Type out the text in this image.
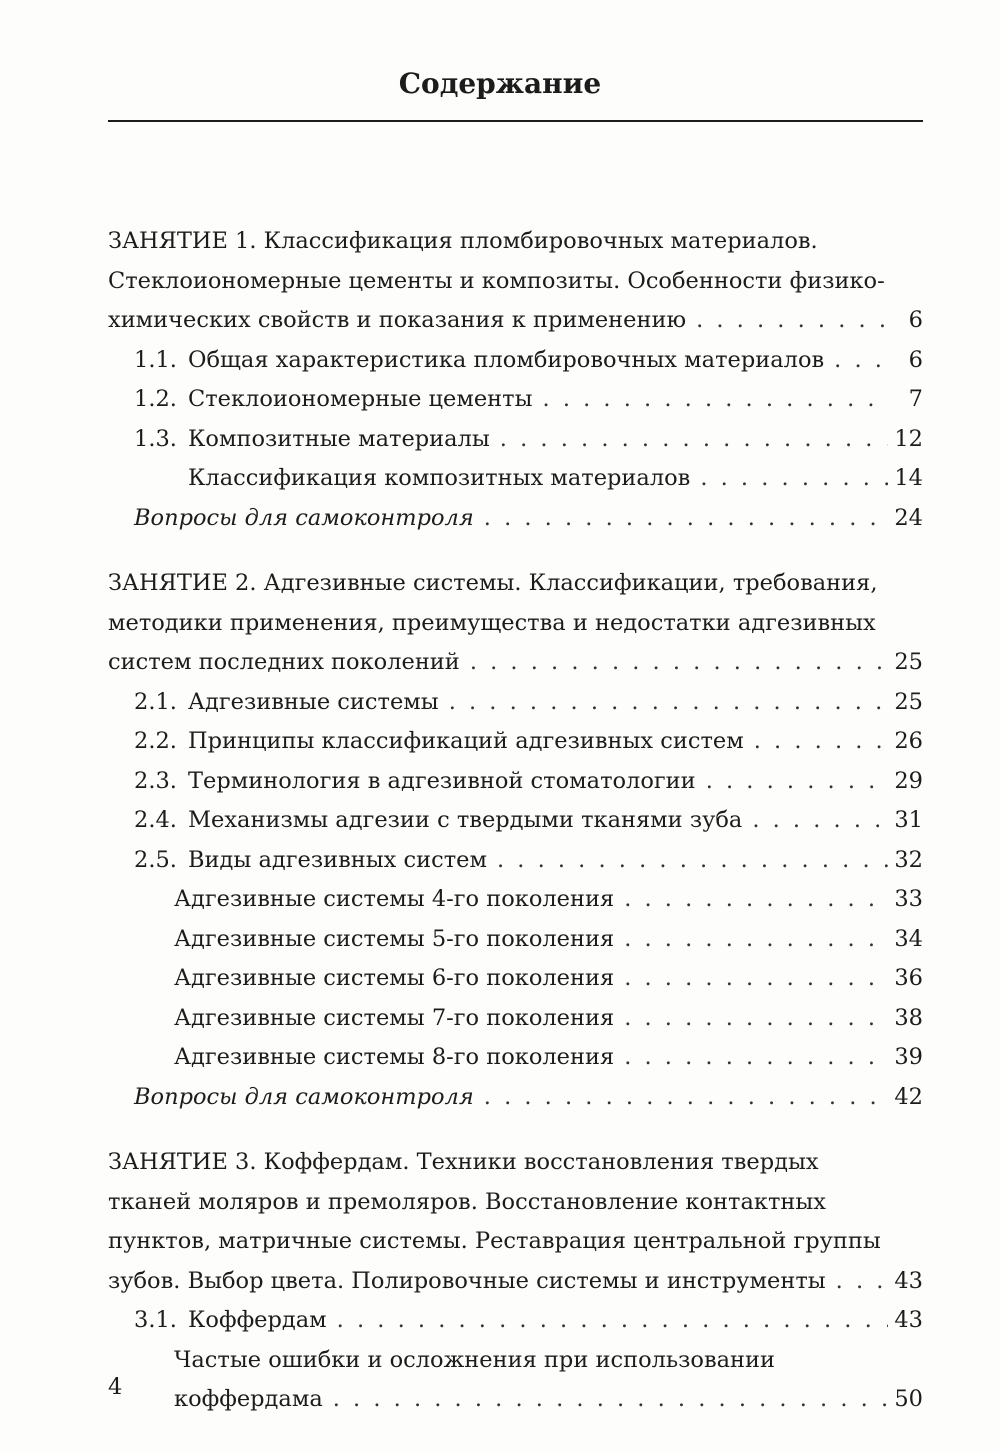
Содержание
ЗАНЯТИЕ 1. Классификация пломбировочных материалов.
Стеклоиономерные цементы и композиты. Особенности физико-
химических свойств и показания к применению . . .	6
1.1. Общая характеристика пломбировочных материалов . . .	6
1.2. Стеклоиономерные цементы . . .	7
1.3. Композитные материалы . . .	12
Классификация композитных материалов . . .	14
Вопросы для самоконтроля . . .	24
ЗАНЯТИЕ 2. Адгезивные системы. Классификации, требования,
методики применения, преимущества и недостатки адгезивных
систем последних поколений . . .	25
2.1. Адгезивные системы . . .	25
2.2. Принципы классификаций адгезивных систем . . .	26
2.3. Терминология в адгезивной стоматологии . . .	29
2.4. Механизмы адгезии с твердыми тканями зуба . . .	31
2.5. Виды адгезивных систем . . .	32
Адгезивные системы 4-го поколения . . .	33
Адгезивные системы 5-го поколения . . .	34
Адгезивные системы 6-го поколения . . .	36
Адгезивные системы 7-го поколения . . .	38
Адгезивные системы 8-го поколения . . .	39
Вопросы для самоконтроля . . .	42
ЗАНЯТИЕ 3. Коффердам. Техники восстановления твердых
тканей моляров и премоляров. Восстановление контактных
пунктов, матричные системы. Реставрация центральной группы
зубов. Выбор цвета. Полировочные системы и инструменты . . .	43
3.1. Коффердам . . .	43
Частые ошибки и осложнения при использовании
коффердама . . .	50
4
